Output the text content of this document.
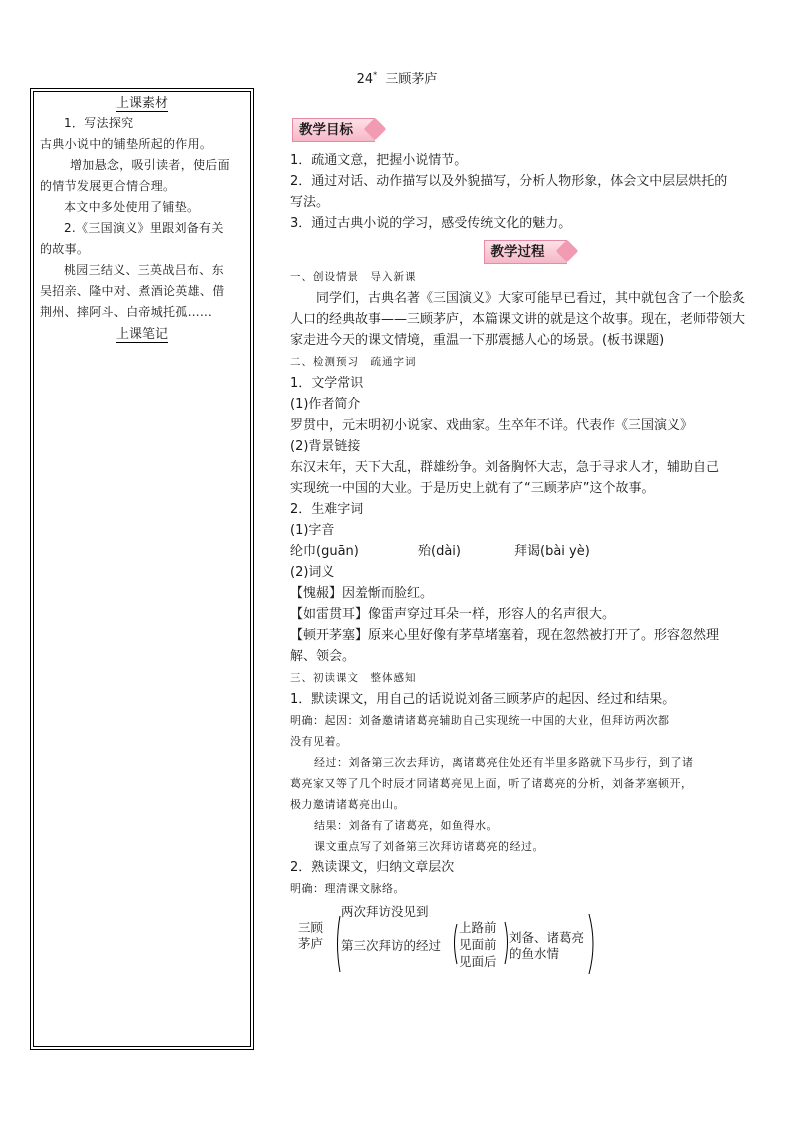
24* 三顾茅庐
上课素材
1．写法探究
古典小说中的铺垫所起的作用。
增加悬念，吸引读者，使后面
的情节发展更合情合理。
本文中多处使用了铺垫。
2.《三国演义》里跟刘备有关
的故事。
桃园三结义、三英战吕布、东
吴招亲、隆中对、煮酒论英雄、借
荆州、摔阿斗、白帝城托孤……
上课笔记
教学目标

1．疏通文意，把握小说情节。

2．通过对话、动作描写以及外貌描写，分析人物形象，体会文中层层烘托的

写法。

3．通过古典小说的学习，感受传统文化的魅力。

教学过程

一、创设情景　导入新课

同学们，古典名著《三国演义》大家可能早已看过，其中就包含了一个脍炙

人口的经典故事——三顾茅庐，本篇课文讲的就是这个故事。现在，老师带领大

家走进今天的课文情境，重温一下那震撼人心的场景。(板书课题)

二、检测预习　疏通字词

1．文学常识

(1)作者简介

罗贯中，元末明初小说家、戏曲家。生卒年不详。代表作《三国演义》

(2)背景链接

东汉末年，天下大乱，群雄纷争。刘备胸怀大志，急于寻求人才，辅助自己

实现统一中国的大业。于是历史上就有了“三顾茅庐”这个故事。

2．生难字词

(1)字音

纶巾(guān)	殆(dài)	拜谒(bài yè)

(2)词义

【愧赧】因羞惭而脸红。

【如雷贯耳】像雷声穿过耳朵一样，形容人的名声很大。

【顿开茅塞】原来心里好像有茅草堵塞着，现在忽然被打开了。形容忽然理

解、领会。

三、初读课文　整体感知

1．默读课文，用自己的话说说刘备三顾茅庐的起因、经过和结果。

明确：起因：刘备邀请诸葛亮辅助自己实现统一中国的大业，但拜访两次都

没有见着。

经过：刘备第三次去拜访，离诸葛亮住处还有半里多路就下马步行，到了诸

葛亮家又等了几个时辰才同诸葛亮见上面，听了诸葛亮的分析，刘备茅塞顿开，

极力邀请诸葛亮出山。

结果：刘备有了诸葛亮，如鱼得水。

课文重点写了刘备第三次拜访诸葛亮的经过。

2．熟读课文，归纳文章层次

明确：理清课文脉络。

三顾
茅庐
两次拜访没见到
第三次拜访的经过
上路前
见面前
见面后
刘备、诸葛亮
的鱼水情
